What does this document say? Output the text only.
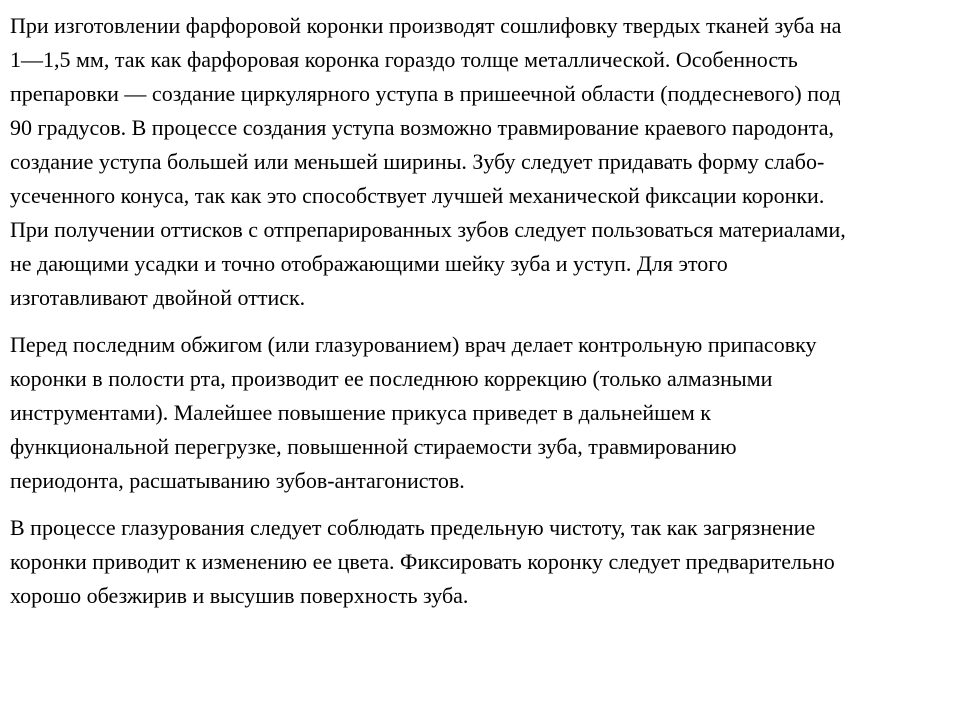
При изготовлении фарфоровой коронки производят сошлифовку твердых тканей зуба на
1—1,5 мм, так как фарфоровая коронка гораздо толще металлической. Особенность
препаровки — создание циркулярного уступа в пришеечной области (поддесневого) под
90 градусов. В процессе создания уступа возможно травмирование краевого пародонта,
создание уступа большей или меньшей ширины. Зубу следует придавать форму слабо-
усеченного конуса, так как это способствует лучшей механической фиксации коронки.
При получении оттисков с отпрепарированных зубов следует пользоваться материалами,
не дающими усадки и точно отображающими шейку зуба и уступ. Для этого
изготавливают двойной оттиск.
Перед последним обжигом (или глазурованием) врач делает контрольную припасовку
коронки в полости рта, производит ее последнюю коррекцию (только алмазными
инструментами). Малейшее повышение прикуса приведет в дальнейшем к
функциональной перегрузке, повышенной стираемости зуба, травмированию
периодонта, расшатыванию зубов-антагонистов.
В процессе глазурования следует соблюдать предельную чистоту, так как загрязнение
коронки приводит к изменению ее цвета. Фиксировать коронку следует предварительно
хорошо обезжирив и высушив поверхность зуба.
